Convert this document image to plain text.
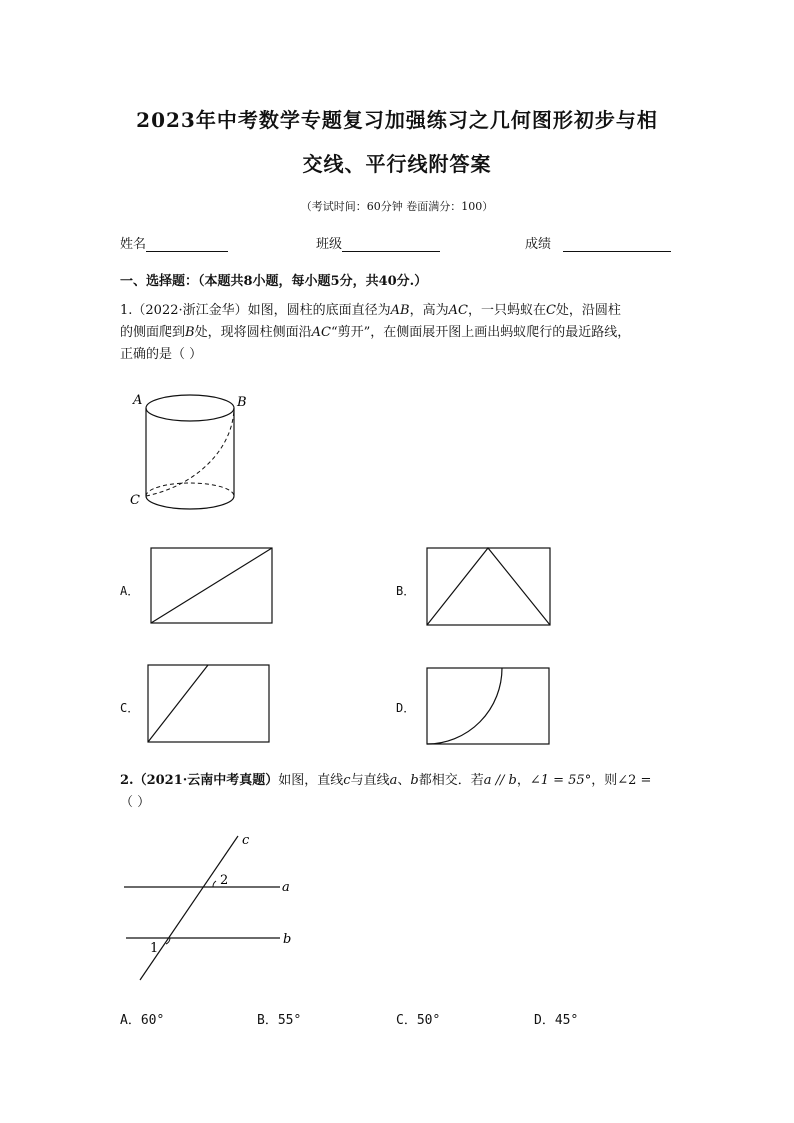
2023年中考数学专题复习加强练习之几何图形初步与相
交线、平行线附答案
（考试时间：60分钟 卷面满分：100）
姓名	班级	成绩
一、选择题：（本题共8小题，每小题5分，共40分.）
1.（2022·浙江金华）如图，圆柱的底面直径为AB，高为AC，一只蚂蚁在C处，沿圆柱
的侧面爬到B处，现将圆柱侧面沿AC“剪开”，在侧面展开图上画出蚂蚁爬行的最近路线，
正确的是（ ）
A	B
C
A．	B．
C．	D．
2.（2021·云南中考真题）如图，直线c与直线a、b都相交．若a // b，∠1 = 55°，则∠2 =
（ ）
c
a
b
1
2
A．60°	B．55°	C．50°	D．45°
